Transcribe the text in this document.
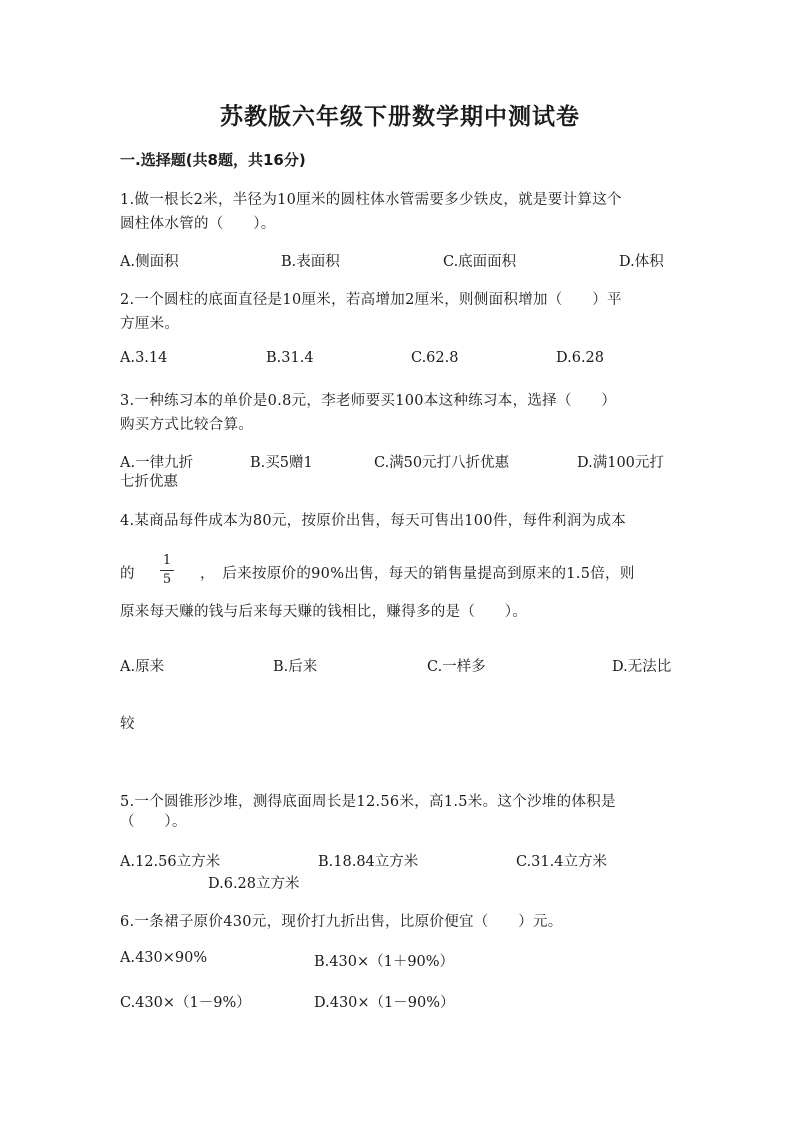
苏教版六年级下册数学期中测试卷
一.选择题(共8题，共16分)
1.做一根长2米，半径为10厘米的圆柱体水管需要多少铁皮，就是要计算这个
圆柱体水管的（　　）。
A.侧面积	B.表面积	C.底面面积	D.体积
2.一个圆柱的底面直径是10厘米，若高增加2厘米，则侧面积增加（　　）平
方厘米。
A.3.14	B.31.4	C.62.8	D.6.28
3.一种练习本的单价是0.8元，李老师要买100本这种练习本，选择（　　）
购买方式比较合算。
A.一律九折	B.买5赠1	C.满50元打八折优惠	D.满100元打
七折优惠
4.某商品每件成本为80元，按原价出售，每天可售出100件，每件利润为成本
的
1
5 ，　后来按原价的90%出售，每天的销售量提高到原来的1.5倍，则
原来每天赚的钱与后来每天赚的钱相比，赚得多的是（　　）。
A.原来	B.后来	C.一样多	D.无法比
较
5.一个圆锥形沙堆，测得底面周长是12.56米，高1.5米。这个沙堆的体积是
（　　）。
A.12.56立方米	B.18.84立方米	C.31.4立方米
D.6.28立方米
6.一条裙子原价430元，现价打九折出售，比原价便宜（　　）元。
A.430×90%	B.430×（1＋90%）
C.430×（1－9%）	D.430×（1－90%）
